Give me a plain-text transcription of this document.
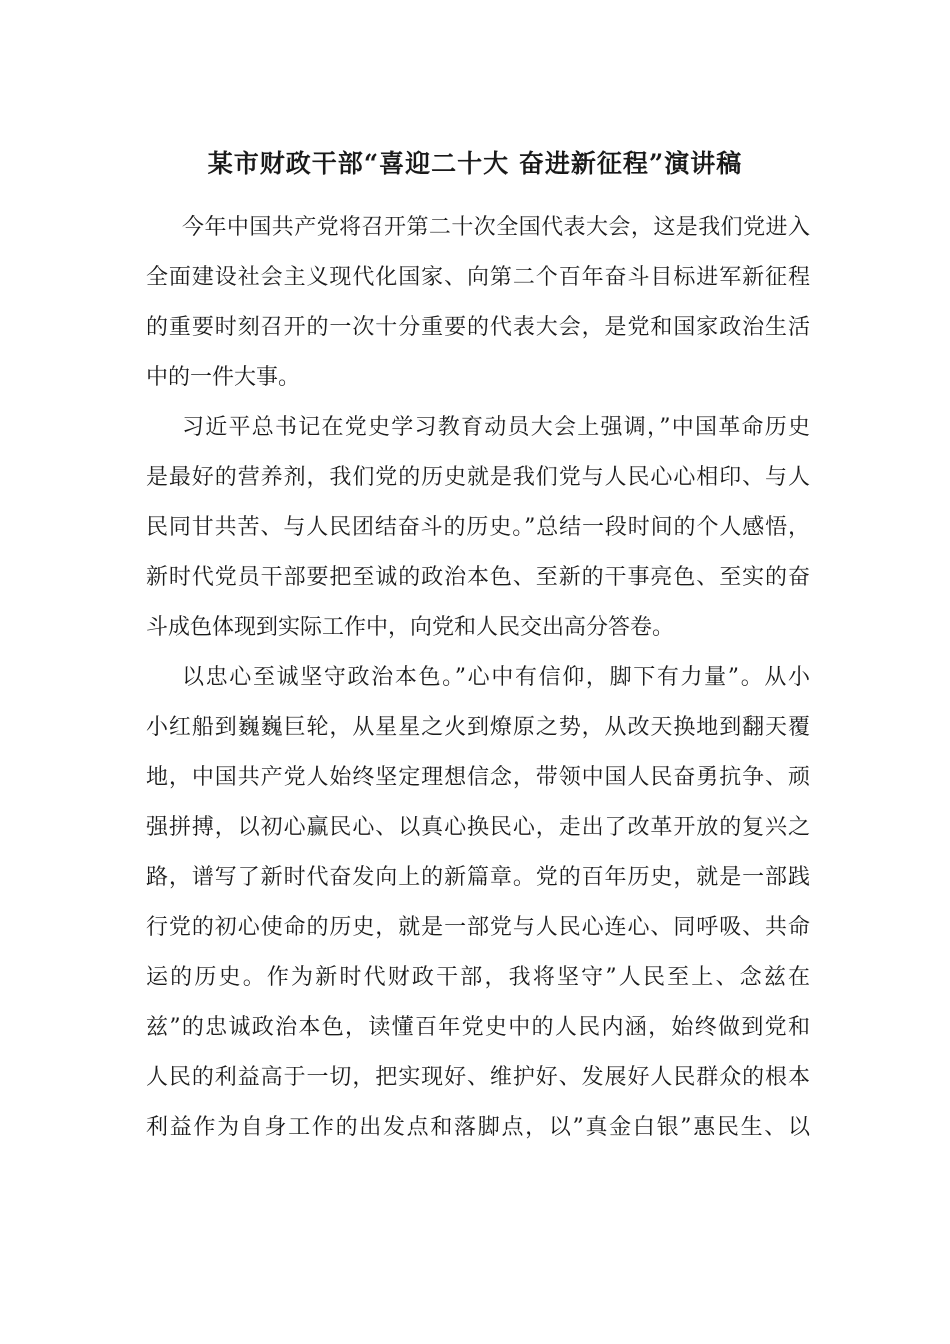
某市财政干部“喜迎二十大 奋进新征程”演讲稿
今年中国共产党将召开第二十次全国代表大会，这是我们党进入
全面建设社会主义现代化国家、向第二个百年奋斗目标进军新征程
的重要时刻召开的一次十分重要的代表大会，是党和国家政治生活
中的一件大事。
习近平总书记在党史学习教育动员大会上强调，”中国革命历史
是最好的营养剂，我们党的历史就是我们党与人民心心相印、与人
民同甘共苦、与人民团结奋斗的历史。”总结一段时间的个人感悟，
新时代党员干部要把至诚的政治本色、至新的干事亮色、至实的奋
斗成色体现到实际工作中，向党和人民交出高分答卷。
以忠心至诚坚守政治本色。”心中有信仰，脚下有力量”。从小
小红船到巍巍巨轮，从星星之火到燎原之势，从改天换地到翻天覆
地，中国共产党人始终坚定理想信念，带领中国人民奋勇抗争、顽
强拼搏，以初心赢民心、以真心换民心，走出了改革开放的复兴之
路，谱写了新时代奋发向上的新篇章。党的百年历史，就是一部践
行党的初心使命的历史，就是一部党与人民心连心、同呼吸、共命
运的历史。作为新时代财政干部，我将坚守”人民至上、念兹在
兹”的忠诚政治本色，读懂百年党史中的人民内涵，始终做到党和
人民的利益高于一切，把实现好、维护好、发展好人民群众的根本
利益作为自身工作的出发点和落脚点，以”真金白银”惠民生、以
